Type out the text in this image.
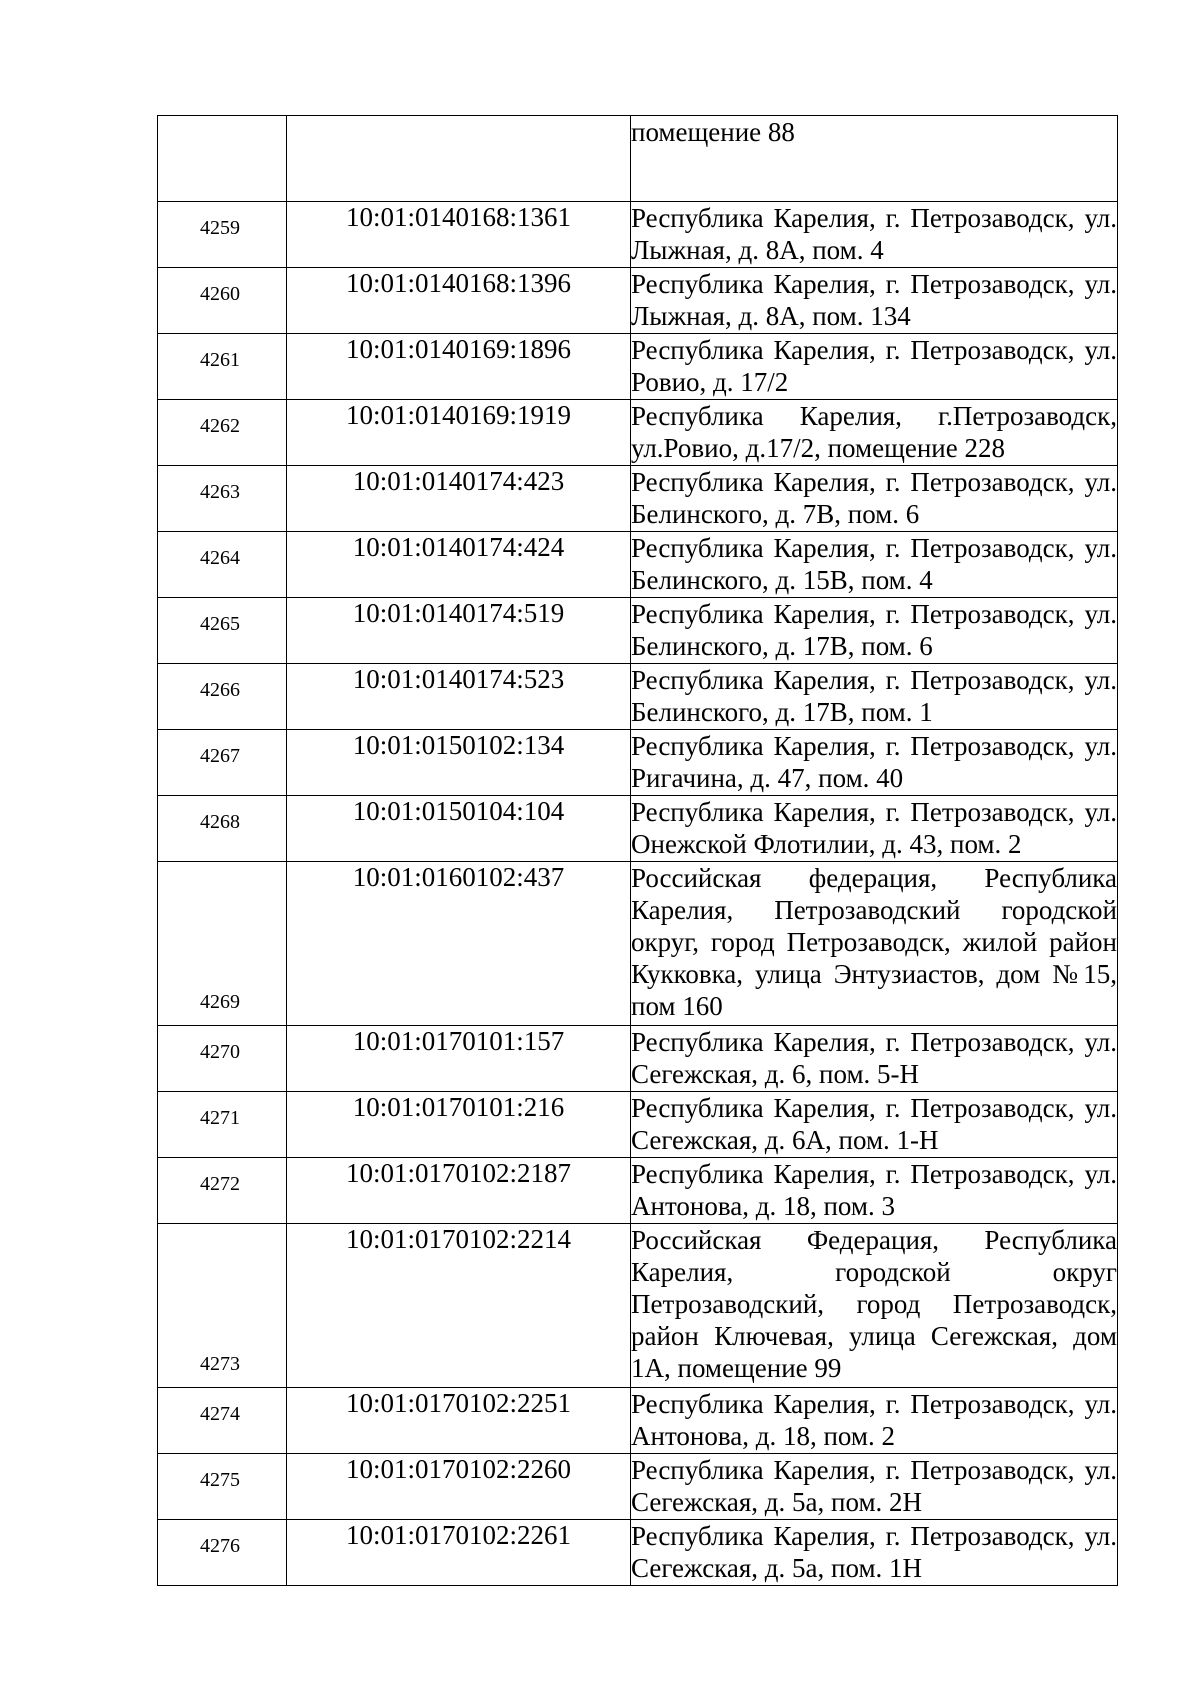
		помещение 88

4259	10:01:0140168:1361	Республика Карелия, г. Петрозаводск, ул. Лыжная, д. 8А, пом. 4

4260	10:01:0140168:1396	Республика Карелия, г. Петрозаводск, ул. Лыжная, д. 8А, пом. 134

4261	10:01:0140169:1896	Республика Карелия, г. Петрозаводск, ул. Ровио, д. 17/2

4262	10:01:0140169:1919	Республика Карелия, г.Петрозаводск, ул.Ровио, д.17/2, помещение 228

4263	10:01:0140174:423	Республика Карелия, г. Петрозаводск, ул. Белинского, д. 7В, пом. 6

4264	10:01:0140174:424	Республика Карелия, г. Петрозаводск, ул. Белинского, д. 15В, пом. 4

4265	10:01:0140174:519	Республика Карелия, г. Петрозаводск, ул. Белинского, д. 17В, пом. 6

4266	10:01:0140174:523	Республика Карелия, г. Петрозаводск, ул. Белинского, д. 17В, пом. 1

4267	10:01:0150102:134	Республика Карелия, г. Петрозаводск, ул. Ригачина, д. 47, пом. 40

4268	10:01:0150104:104	Республика Карелия, г. Петрозаводск, ул. Онежской Флотилии, д. 43, пом. 2

4269	10:01:0160102:437	Российская федерация, Республика Карелия, Петрозаводский городской округ, город Петрозаводск, жилой район Кукковка, улица Энтузиастов, дом №15, пом 160

4270	10:01:0170101:157	Республика Карелия, г. Петрозаводск, ул. Сегежская, д. 6, пом. 5-Н

4271	10:01:0170101:216	Республика Карелия, г. Петрозаводск, ул. Сегежская, д. 6А, пом. 1-Н

4272	10:01:0170102:2187	Республика Карелия, г. Петрозаводск, ул. Антонова, д. 18, пом. 3

4273	10:01:0170102:2214	Российская Федерация, Республика Карелия, городской округ Петрозаводский, город Петрозаводск, район Ключевая, улица Сегежская, дом 1А, помещение 99

4274	10:01:0170102:2251	Республика Карелия, г. Петрозаводск, ул. Антонова, д. 18, пом. 2

4275	10:01:0170102:2260	Республика Карелия, г. Петрозаводск, ул. Сегежская, д. 5а, пом. 2Н

4276	10:01:0170102:2261	Республика Карелия, г. Петрозаводск, ул. Сегежская, д. 5а, пом. 1Н
